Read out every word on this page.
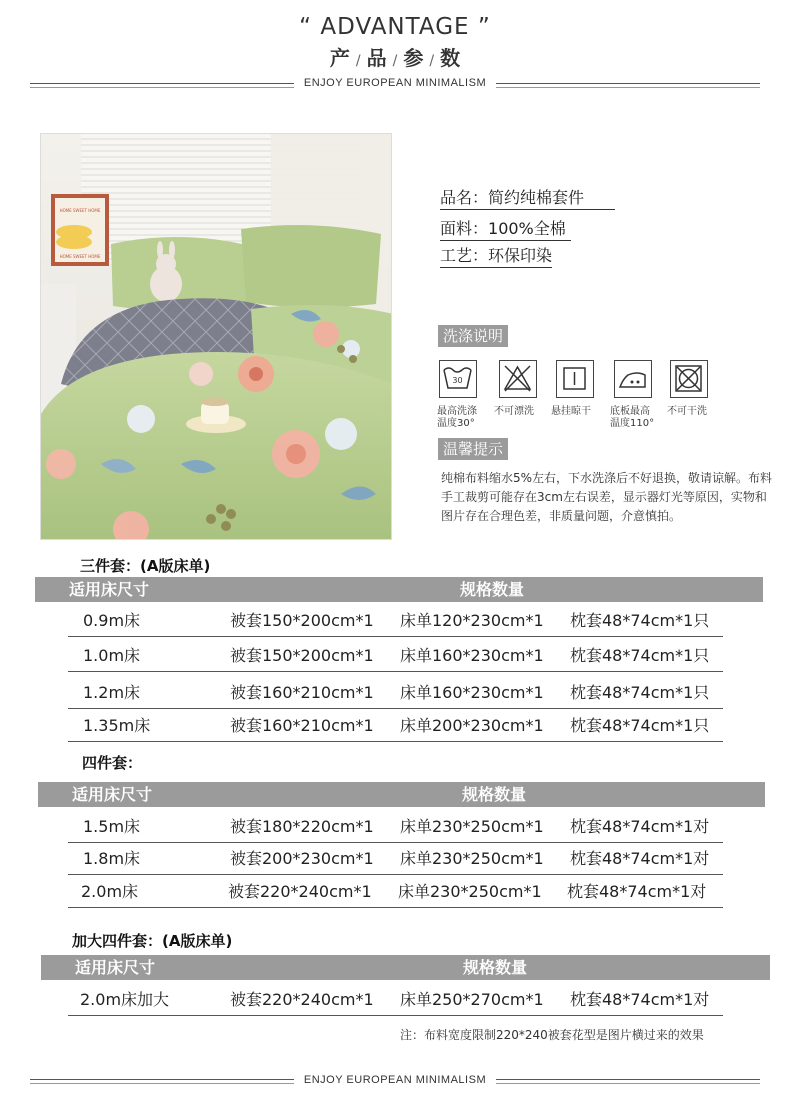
“ ADVANTAGE ”
产 / 品 / 参 / 数
ENJOY EUROPEAN MINIMALISM
HOME SWEET HOME
HOME SWEET HOME
品名：简约纯棉套件
面料：100%全棉
工艺：环保印染
洗涤说明
30
最高洗涤
温度30°
不可漂洗 悬挂晾干 底板最高
温度110°
不可干洗
温馨提示
纯棉布料缩水5%左右，下水洗涤后不好退换，敬请谅解。布料手工裁剪可能存在3cm左右误差，显示器灯光等原因，实物和图片存在合理色差，非质量问题，介意慎拍。
三件套：(A版床单)
适用床尺寸	规格数量
0.9m床	被套150*200cm*1 床单120*230cm*1 枕套48*74cm*1只
1.0m床	被套150*200cm*1 床单160*230cm*1 枕套48*74cm*1只
1.2m床	被套160*210cm*1 床单160*230cm*1 枕套48*74cm*1只
1.35m床	被套160*210cm*1 床单200*230cm*1 枕套48*74cm*1只
四件套：
适用床尺寸	规格数量
1.5m床	被套180*220cm*1 床单230*250cm*1 枕套48*74cm*1对
1.8m床	被套200*230cm*1 床单230*250cm*1 枕套48*74cm*1对
2.0m床	被套220*240cm*1 床单230*250cm*1 枕套48*74cm*1对
加大四件套：(A版床单)
适用床尺寸	规格数量
2.0m床加大	被套220*240cm*1 床单250*270cm*1 枕套48*74cm*1对
注：布料宽度限制220*240被套花型是图片横过来的效果
ENJOY EUROPEAN MINIMALISM
